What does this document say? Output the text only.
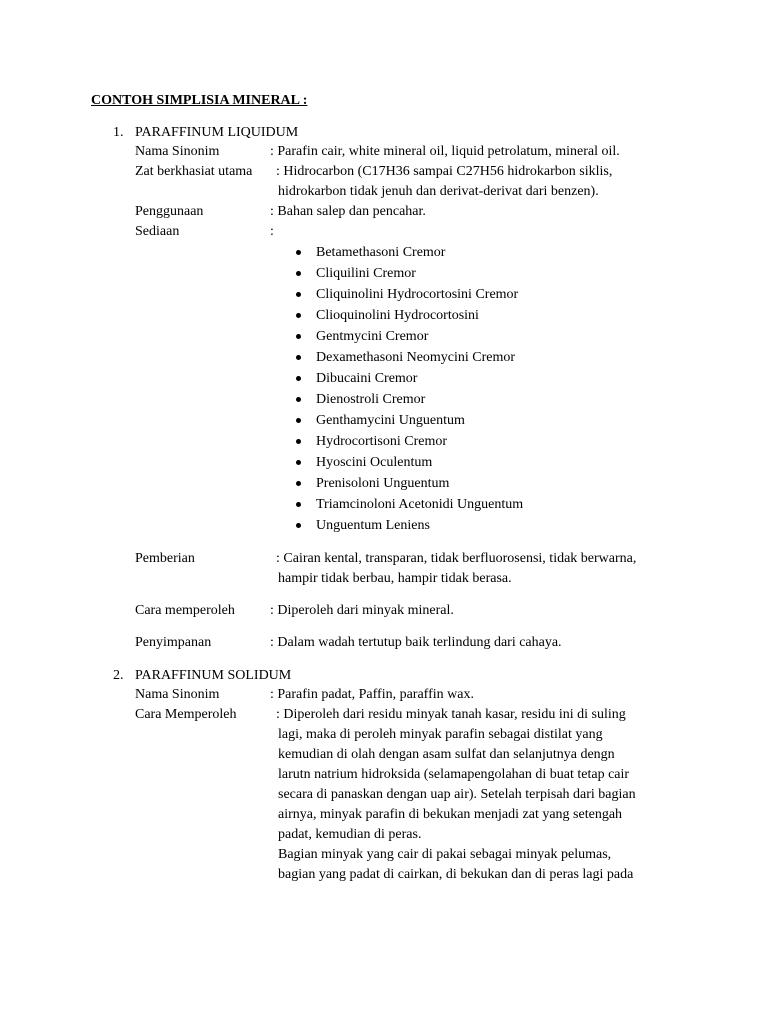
CONTOH SIMPLISIA MINERAL :
1. PARAFFINUM LIQUIDUM
Nama Sinonim	: Parafin cair, white mineral oil, liquid petrolatum, mineral oil.
Zat berkhasiat utama : Hidrocarbon (C17H36 sampai C27H56 hidrokarbon siklis,
hidrokarbon tidak jenuh dan derivat-derivat dari benzen).
Penggunaan	: Bahan salep dan pencahar.
Sediaan	:
Betamethasoni Cremor
Cliquilini Cremor
Cliquinolini Hydrocortosini Cremor
Clioquinolini Hydrocortosini
Gentmycini Cremor
Dexamethasoni Neomycini Cremor
Dibucaini Cremor
Dienostroli Cremor
Genthamycini Unguentum
Hydrocortisoni Cremor
Hyoscini Oculentum
Prenisoloni Unguentum
Triamcinoloni Acetonidi Unguentum
Unguentum Leniens
Pemberian	: Cairan kental, transparan, tidak berfluorosensi, tidak berwarna,
hampir tidak berbau, hampir tidak berasa.
Cara memperoleh	: Diperoleh dari minyak mineral.
Penyimpanan	: Dalam wadah tertutup baik terlindung dari cahaya.
2. PARAFFINUM SOLIDUM
Nama Sinonim	: Parafin padat, Paffin, paraffin wax.
Cara Memperoleh	: Diperoleh dari residu minyak tanah kasar, residu ini di suling
lagi, maka di peroleh minyak parafin sebagai distilat yang
kemudian di olah dengan asam sulfat dan selanjutnya dengn
larutn natrium hidroksida (selamapengolahan di buat tetap cair
secara di panaskan dengan uap air). Setelah terpisah dari bagian
airnya, minyak parafin di bekukan menjadi zat yang setengah
padat, kemudian di peras.
Bagian minyak yang cair di pakai sebagai minyak pelumas,
bagian yang padat di cairkan, di bekukan dan di peras lagi pada
